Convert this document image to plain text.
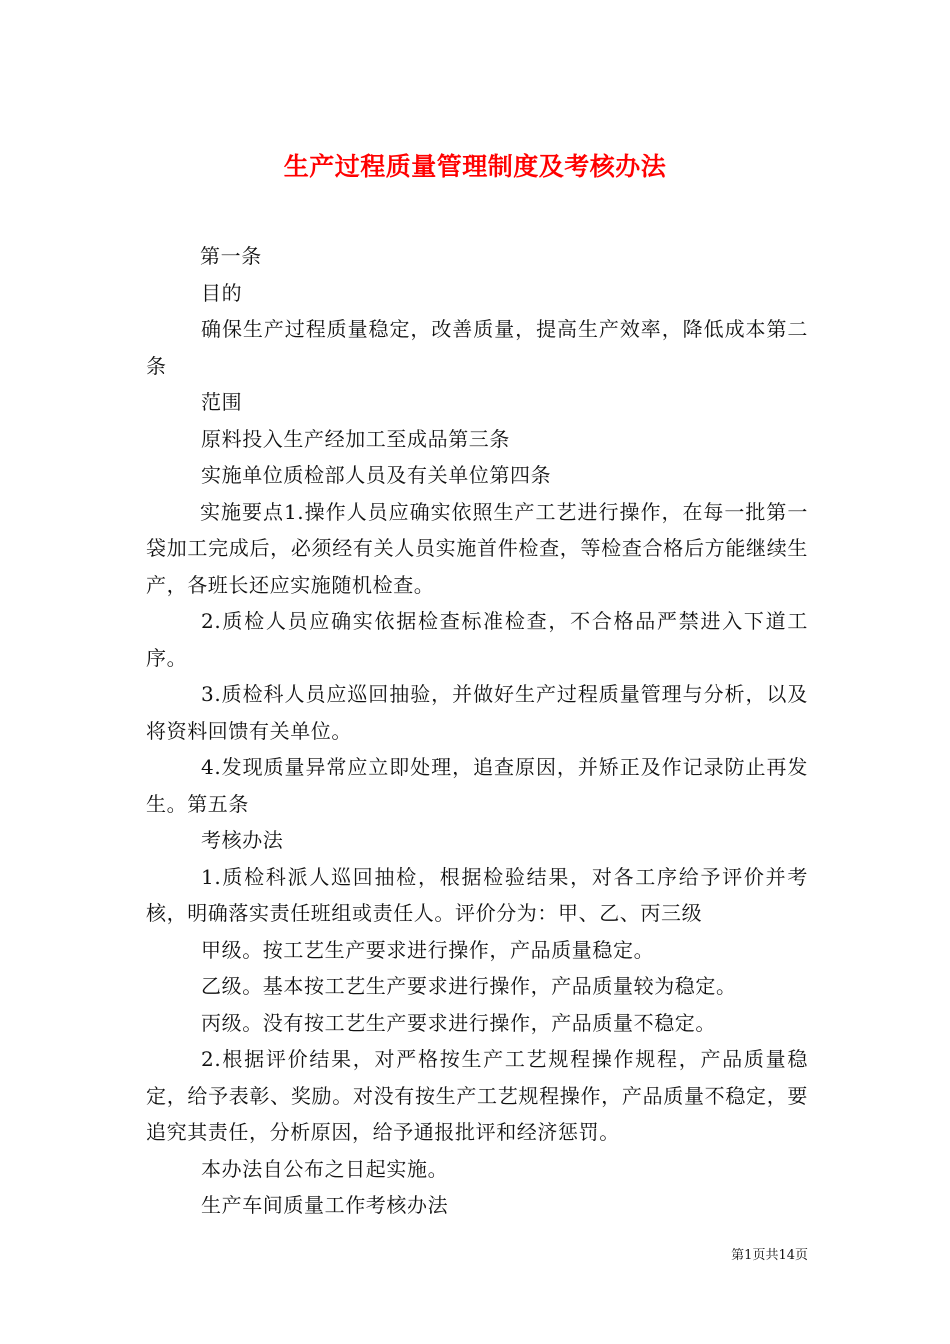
生产过程质量管理制度及考核办法

第一条

目的

确保生产过程质量稳定，改善质量，提高生产效率，降低成本第二条

范围

原料投入生产经加工至成品第三条

实施单位质检部人员及有关单位第四条

实施要点1.操作人员应确实依照生产工艺进行操作，在每一批第一袋加工完成后，必须经有关人员实施首件检查，等检查合格后方能继续生产，各班长还应实施随机检查。

2.质检人员应确实依据检查标准检查，不合格品严禁进入下道工序。

3.质检科人员应巡回抽验，并做好生产过程质量管理与分析，以及将资料回馈有关单位。

4.发现质量异常应立即处理，追查原因，并矫正及作记录防止再发生。第五条

考核办法

1.质检科派人巡回抽检，根据检验结果，对各工序给予评价并考核，明确落实责任班组或责任人。评价分为：甲、乙、丙三级

甲级。按工艺生产要求进行操作，产品质量稳定。

乙级。基本按工艺生产要求进行操作，产品质量较为稳定。

丙级。没有按工艺生产要求进行操作，产品质量不稳定。

2.根据评价结果，对严格按生产工艺规程操作规程，产品质量稳定，给予表彰、奖励。对没有按生产工艺规程操作，产品质量不稳定，要追究其责任，分析原因，给予通报批评和经济惩罚。

本办法自公布之日起实施。

生产车间质量工作考核办法

第1页共14页
